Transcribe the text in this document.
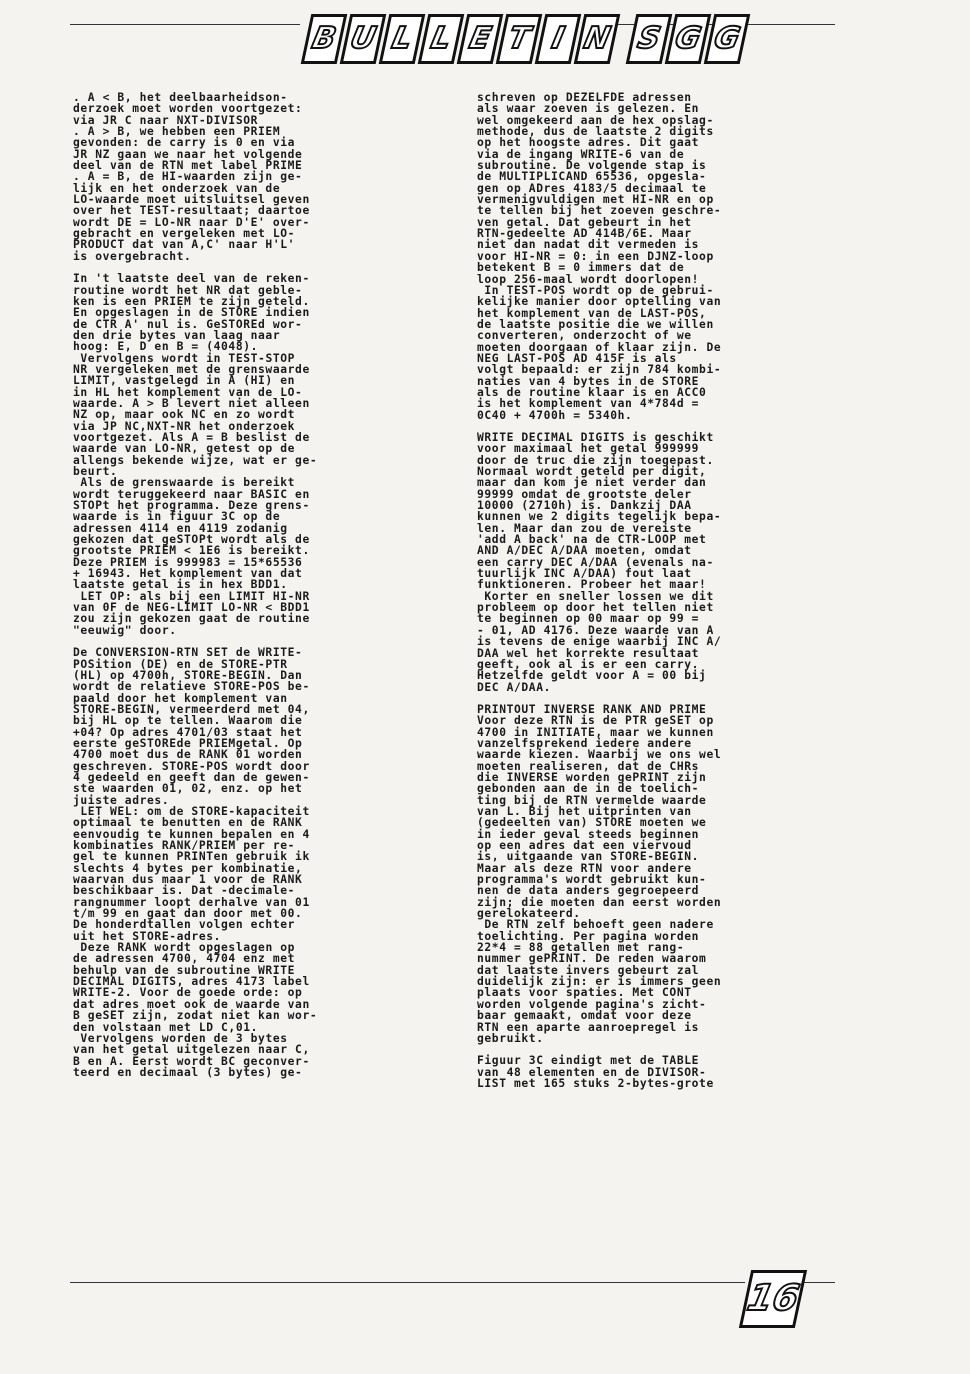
B U L L E T I N S G G

. A < B, het deelbaarheidson-
derzoek moet worden voortgezet:
via JR C naar NXT-DIVISOR
. A > B, we hebben een PRIEM
gevonden: de carry is 0 en via
JR NZ gaan we naar het volgende
deel van de RTN met label PRIME
. A = B, de HI-waarden zijn ge-
lijk en het onderzoek van de
LO-waarde moet uitsluitsel geven
over het TEST-resultaat; daartoe
wordt DE = LO-NR naar D'E' over-
gebracht en vergeleken met LO-
PRODUCT dat van A,C' naar H'L'
is overgebracht.

In 't laatste deel van de reken-
routine wordt het NR dat geble-
ken is een PRIEM te zijn geteld.
En opgeslagen in de STORE indien
de CTR A' nul is. GeSTOREd wor-
den drie bytes van laag naar
hoog: E, D en B = (4048).
Vervolgens wordt in TEST-STOP
NR vergeleken met de grenswaarde
LIMIT, vastgelegd in A (HI) en
in HL het komplement van de LO-
waarde. A > B levert niet alleen
NZ op, maar ook NC en zo wordt
via JP NC,NXT-NR het onderzoek
voortgezet. Als A = B beslist de
waarde van LO-NR, getest op de
allengs bekende wijze, wat er ge-
beurt.
Als de grenswaarde is bereikt
wordt teruggekeerd naar BASIC en
STOPt het programma. Deze grens-
waarde is in figuur 3C op de
adressen 4114 en 4119 zodanig
gekozen dat geSTOPt wordt als de
grootste PRIEM < 1E6 is bereikt.
Deze PRIEM is 999983 = 15*65536
+ 16943. Het komplement van dat
laatste getal is in hex BDD1.
LET OP: als bij een LIMIT HI-NR
van 0F de NEG-LIMIT LO-NR < BDD1
zou zijn gekozen gaat de routine
"eeuwig" door.

De CONVERSION-RTN SET de WRITE-
POSition (DE) en de STORE-PTR
(HL) op 4700h, STORE-BEGIN. Dan
wordt de relatieve STORE-POS be-
paald door het komplement van
STORE-BEGIN, vermeerderd met 04,
bij HL op te tellen. Waarom die
+04? Op adres 4701/03 staat het
eerste geSTOREde PRIEMgetal. Op
4700 moet dus de RANK 01 worden
geschreven. STORE-POS wordt door
4 gedeeld en geeft dan de gewen-
ste waarden 01, 02, enz. op het
juiste adres.
LET WEL: om de STORE-kapaciteit
optimaal te benutten en de RANK
eenvoudig te kunnen bepalen en 4
kombinaties RANK/PRIEM per re-
gel te kunnen PRINTen gebruik ik
slechts 4 bytes per kombinatie,
waarvan dus maar 1 voor de RANK
beschikbaar is. Dat -decimale-
rangnummer loopt derhalve van 01
t/m 99 en gaat dan door met 00.
De honderdtallen volgen echter
uit het STORE-adres.
Deze RANK wordt opgeslagen op
de adressen 4700, 4704 enz met
behulp van de subroutine WRITE
DECIMAL DIGITS, adres 4173 label
WRITE-2. Voor de goede orde: op
dat adres moet ook de waarde van
B geSET zijn, zodat niet kan wor-
den volstaan met LD C,01.
Vervolgens worden de 3 bytes
van het getal uitgelezen naar C,
B en A. Eerst wordt BC geconver-
teerd en decimaal (3 bytes) ge-

schreven op DEZELFDE adressen
als waar zoeven is gelezen. En
wel omgekeerd aan de hex opslag-
methode, dus de laatste 2 digits
op het hoogste adres. Dit gaat
via de ingang WRITE-6 van de
subroutine. De volgende stap is
de MULTIPLICAND 65536, opgesla-
gen op ADres 4183/5 decimaal te
vermenigvuldigen met HI-NR en op
te tellen bij het zoeven geschre-
ven getal. Dat gebeurt in het
RTN-gedeelte AD 414B/6E. Maar
niet dan nadat dit vermeden is
voor HI-NR = 0: in een DJNZ-loop
betekent B = 0 immers dat de
loop 256-maal wordt doorlopen!
In TEST-POS wordt op de gebrui-
kelijke manier door optelling van
het komplement van de LAST-POS,
de laatste positie die we willen
converteren, onderzocht of we
moeten doorgaan of klaar zijn. De
NEG LAST-POS AD 415F is als
volgt bepaald: er zijn 784 kombi-
naties van 4 bytes in de STORE
als de routine klaar is en ACC0
is het komplement van 4*784d =
0C40 + 4700h = 5340h.

WRITE DECIMAL DIGITS is geschikt
voor maximaal het getal 999999
door de truc die zijn toegepast.
Normaal wordt geteld per digit,
maar dan kom je niet verder dan
99999 omdat de grootste deler
10000 (2710h) is. Dankzij DAA
kunnen we 2 digits tegelijk bepa-
len. Maar dan zou de vereiste
'add A back' na de CTR-LOOP met
AND A/DEC A/DAA moeten, omdat
een carry DEC A/DAA (evenals na-
tuurlijk INC A/DAA) fout laat
funktioneren. Probeer het maar!
Korter en sneller lossen we dit
probleem op door het tellen niet
te beginnen op 00 maar op 99 =
- 01, AD 4176. Deze waarde van A
is tevens de enige waarbij INC A/
DAA wel het korrekte resultaat
geeft, ook al is er een carry.
Hetzelfde geldt voor A = 00 bij
DEC A/DAA.

PRINTOUT INVERSE RANK AND PRIME
Voor deze RTN is de PTR geSET op
4700 in INITIATE, maar we kunnen
vanzelfsprekend iedere andere
waarde kiezen. Waarbij we ons wel
moeten realiseren, dat de CHRs
die INVERSE worden gePRINT zijn
gebonden aan de in de toelich-
ting bij de RTN vermelde waarde
van L. Bij het uitprinten van
(gedeelten van) STORE moeten we
in ieder geval steeds beginnen
op een adres dat een viervoud
is, uitgaande van STORE-BEGIN.
Maar als deze RTN voor andere
programma's wordt gebruikt kun-
nen de data anders gegroepeerd
zijn; die moeten dan eerst worden
gerelokateerd.
De RTN zelf behoeft geen nadere
toelichting. Per pagina worden
22*4 = 88 getallen met rang-
nummer gePRINT. De reden waarom
dat laatste invers gebeurt zal
duidelijk zijn: er is immers geen
plaats voor spaties. Met CONT
worden volgende pagina's zicht-
baar gemaakt, omdat voor deze
RTN een aparte aanroepregel is
gebruikt.

Figuur 3C eindigt met de TABLE
van 48 elementen en de DIVISOR-
LIST met 165 stuks 2-bytes-grote

16
